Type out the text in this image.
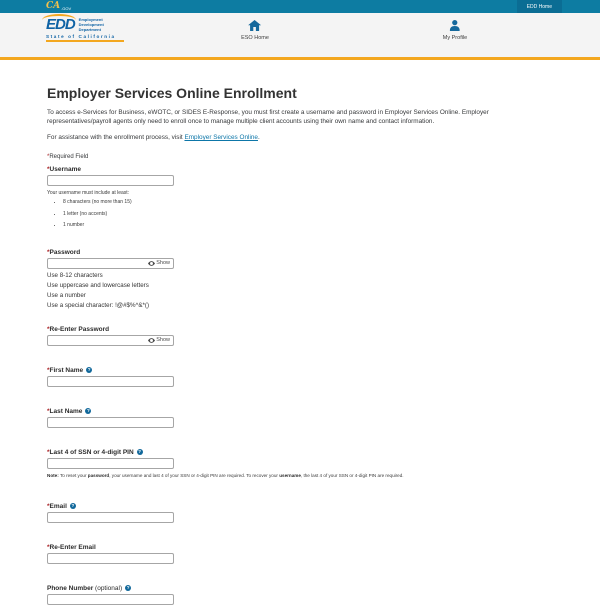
CA .GOV	EDD Home
EDD Employment
Development
Department
State of California	ESO Home	My Profile
Employer Services Online Enrollment

To access e-Services for Business, eWOTC, or SIDES E-Response, you must first create a username and password in Employer Services Online. Employer representatives/payroll agents only need to enroll once to manage multiple client accounts using their own name and contact information.

For assistance with the enrollment process, visit Employer Services Online.

*Required Field

*Username
Your username must include at least:
• 8 characters (no more than 15)
• 1 letter (no accents)
• 1 number
*Password
Show
Use 8-12 characters
Use uppercase and lowercase letters
Use a number
Use a special character: !@#$%^&*()
*Re-Enter Password
Show
*First Name ?
*Last Name ?
*Last 4 of SSN or 4-digit PIN ?
Note: To reset your password, your username and last 4 of your SSN or 4-digit PIN are required. To recover your username, the last 4 of your SSN or 4-digit PIN are required.
*Email ?
*Re-Enter Email
Phone Number (optional) ?
